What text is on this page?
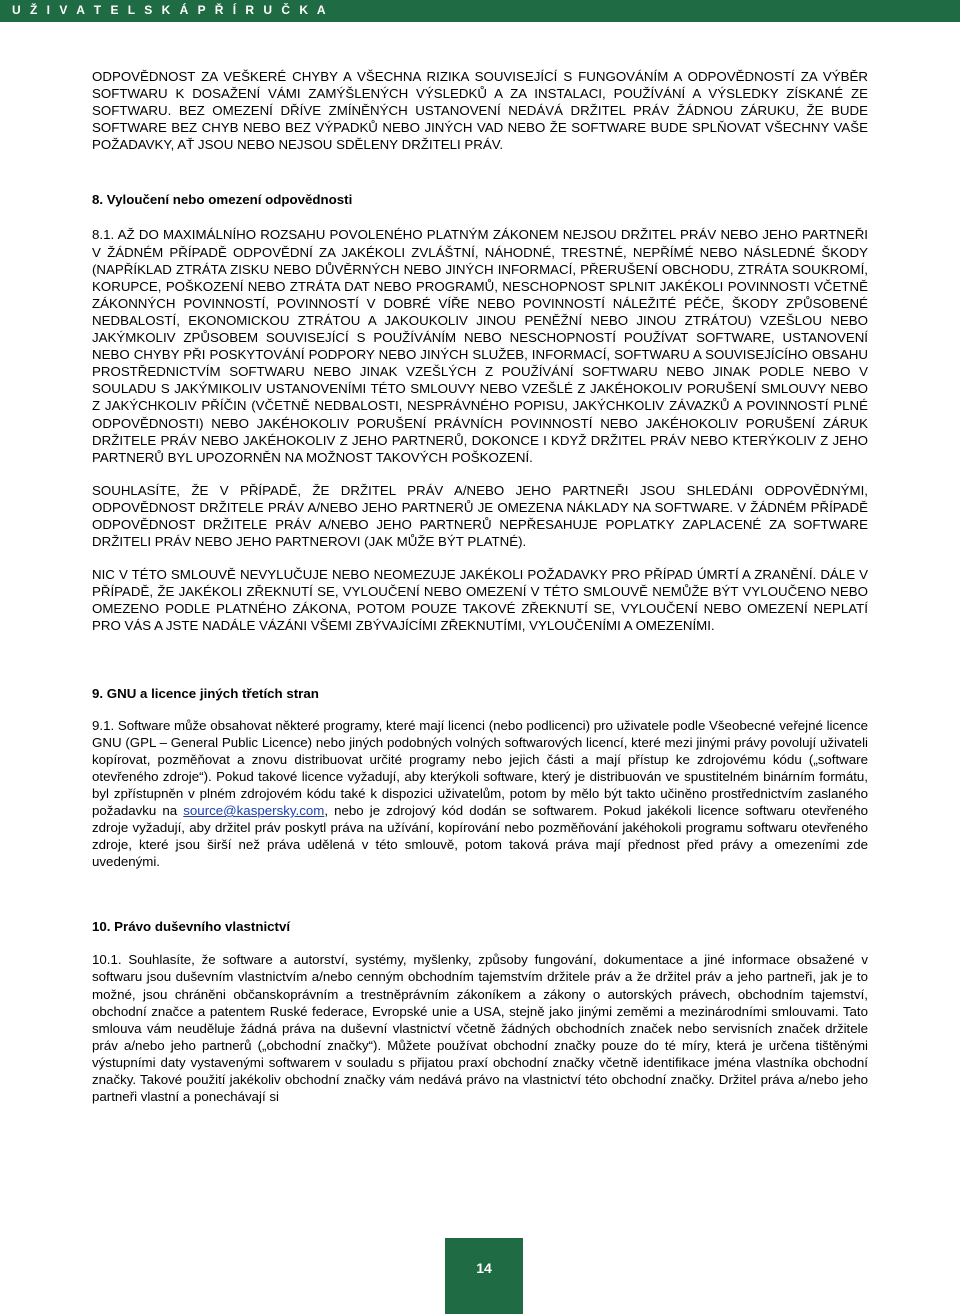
U Ž I V A T E L S K Á P Ř Í R U Č K A

ODPOVĚDNOST ZA VEŠKERÉ CHYBY A VŠECHNA RIZIKA SOUVISEJÍCÍ S FUNGOVÁNÍM A ODPOVĚDNOSTÍ ZA VÝBĚR SOFTWARU K DOSAŽENÍ VÁMI ZAMÝŠLENÝCH VÝSLEDKŮ A ZA INSTALACI, POUŽÍVÁNÍ A VÝSLEDKY ZÍSKANÉ ZE SOFTWARU. BEZ OMEZENÍ DŘÍVE ZMÍNĚNÝCH USTANOVENÍ NEDÁVÁ DRŽITEL PRÁV ŽÁDNOU ZÁRUKU, ŽE BUDE SOFTWARE BEZ CHYB NEBO BEZ VÝPADKŮ NEBO JINÝCH VAD NEBO ŽE SOFTWARE BUDE SPLŇOVAT VŠECHNY VAŠE POŽADAVKY, AŤ JSOU NEBO NEJSOU SDĚLENY DRŽITELI PRÁV.

8. Vyloučení nebo omezení odpovědnosti

8.1. AŽ DO MAXIMÁLNÍHO ROZSAHU POVOLENÉHO PLATNÝM ZÁKONEM NEJSOU DRŽITEL PRÁV NEBO JEHO PARTNEŘI V ŽÁDNÉM PŘÍPADĚ ODPOVĚDNÍ ZA JAKÉKOLI ZVLÁŠTNÍ, NÁHODNÉ, TRESTNÉ, NEPŘÍMÉ NEBO NÁSLEDNÉ ŠKODY (NAPŘÍKLAD ZTRÁTA ZISKU NEBO DŮVĚRNÝCH NEBO JINÝCH INFORMACÍ, PŘERUŠENÍ OBCHODU, ZTRÁTA SOUKROMÍ, KORUPCE, POŠKOZENÍ NEBO ZTRÁTA DAT NEBO PROGRAMŮ, NESCHOPNOST SPLNIT JAKÉKOLI POVINNOSTI VČETNĚ ZÁKONNÝCH POVINNOSTÍ, POVINNOSTÍ V DOBRÉ VÍŘE NEBO POVINNOSTÍ NÁLEŽITÉ PÉČE, ŠKODY ZPŮSOBENÉ NEDBALOSTÍ, EKONOMICKOU ZTRÁTOU A JAKOUKOLIV JINOU PENĚŽNÍ NEBO JINOU ZTRÁTOU) VZEŠLOU NEBO JAKÝMKOLIV ZPŮSOBEM SOUVISEJÍCÍ S POUŽÍVÁNÍM NEBO NESCHOPNOSTÍ POUŽÍVAT SOFTWARE, USTANOVENÍ NEBO CHYBY PŘI POSKYTOVÁNÍ PODPORY NEBO JINÝCH SLUŽEB, INFORMACÍ, SOFTWARU A SOUVISEJÍCÍHO OBSAHU PROSTŘEDNICTVÍM SOFTWARU NEBO JINAK VZEŠLÝCH Z POUŽÍVÁNÍ SOFTWARU NEBO JINAK PODLE NEBO V SOULADU S JAKÝMIKOLIV USTANOVENÍMI TÉTO SMLOUVY NEBO VZEŠLÉ Z JAKÉHOKOLIV PORUŠENÍ SMLOUVY NEBO Z JAKÝCHKOLIV PŘÍČIN (VČETNĚ NEDBALOSTI, NESPRÁVNÉHO POPISU, JAKÝCHKOLIV ZÁVAZKŮ A POVINNOSTÍ PLNÉ ODPOVĚDNOSTI) NEBO JAKÉHOKOLIV PORUŠENÍ PRÁVNÍCH POVINNOSTÍ NEBO JAKÉHOKOLIV PORUŠENÍ ZÁRUK DRŽITELE PRÁV NEBO JAKÉHOKOLIV Z JEHO PARTNERŮ, DOKONCE I KDYŽ DRŽITEL PRÁV NEBO KTERÝKOLIV Z JEHO PARTNERŮ BYL UPOZORNĚN NA MOŽNOST TAKOVÝCH POŠKOZENÍ.

SOUHLASÍTE, ŽE V PŘÍPADĚ, ŽE DRŽITEL PRÁV A/NEBO JEHO PARTNEŘI JSOU SHLEDÁNI ODPOVĚDNÝMI, ODPOVĚDNOST DRŽITELE PRÁV A/NEBO JEHO PARTNERŮ JE OMEZENA NÁKLADY NA SOFTWARE. V ŽÁDNÉM PŘÍPADĚ ODPOVĚDNOST DRŽITELE PRÁV A/NEBO JEHO PARTNERŮ NEPŘESAHUJE POPLATKY ZAPLACENÉ ZA SOFTWARE DRŽITELI PRÁV NEBO JEHO PARTNEROVI (JAK MŮŽE BÝT PLATNÉ).

NIC V TÉTO SMLOUVĚ NEVYLUČUJE NEBO NEOMEZUJE JAKÉKOLI POŽADAVKY PRO PŘÍPAD ÚMRTÍ A ZRANĚNÍ. DÁLE V PŘÍPADĚ, ŽE JAKÉKOLI ZŘEKNUTÍ SE, VYLOUČENÍ NEBO OMEZENÍ V TÉTO SMLOUVĚ NEMŮŽE BÝT VYLOUČENO NEBO OMEZENO PODLE PLATNÉHO ZÁKONA, POTOM POUZE TAKOVÉ ZŘEKNUTÍ SE, VYLOUČENÍ NEBO OMEZENÍ NEPLATÍ PRO VÁS A JSTE NADÁLE VÁZÁNI VŠEMI ZBÝVAJÍCÍMI ZŘEKNUTÍMI, VYLOUČENÍMI A OMEZENÍMI.

9. GNU a licence jiných třetích stran

9.1. Software může obsahovat některé programy, které mají licenci (nebo podlicenci) pro uživatele podle Všeobecné veřejné licence GNU (GPL – General Public Licence) nebo jiných podobných volných softwarových licencí, které mezi jinými právy povolují uživateli kopírovat, pozměňovat a znovu distribuovat určité programy nebo jejich části a mají přístup ke zdrojovému kódu („software otevřeného zdroje“). Pokud takové licence vyžadují, aby kterýkoli software, který je distribuován ve spustitelném binárním formátu, byl zpřístupněn v plném zdrojovém kódu také k dispozici uživatelům, potom by mělo být takto učiněno prostřednictvím zaslaného požadavku na source@kaspersky.com, nebo je zdrojový kód dodán se softwarem. Pokud jakékoli licence softwaru otevřeného zdroje vyžadují, aby držitel práv poskytl práva na užívání, kopírování nebo pozměňování jakéhokoli programu softwaru otevřeného zdroje, které jsou širší než práva udělená v této smlouvě, potom taková práva mají přednost před právy a omezeními zde uvedenými.

10. Právo duševního vlastnictví

10.1. Souhlasíte, že software a autorství, systémy, myšlenky, způsoby fungování, dokumentace a jiné informace obsažené v softwaru jsou duševním vlastnictvím a/nebo cenným obchodním tajemstvím držitele práv a že držitel práv a jeho partneři, jak je to možné, jsou chráněni občanskoprávním a trestněprávním zákoníkem a zákony o autorských právech, obchodním tajemství, obchodní značce a patentem Ruské federace, Evropské unie a USA, stejně jako jinými zeměmi a mezinárodními smlouvami. Tato smlouva vám neuděluje žádná práva na duševní vlastnictví včetně žádných obchodních značek nebo servisních značek držitele práv a/nebo jeho partnerů („obchodní značky“). Můžete používat obchodní značky pouze do té míry, která je určena tištěnými výstupními daty vystavenými softwarem v souladu s přijatou praxí obchodní značky včetně identifikace jména vlastníka obchodní značky. Takové použití jakékoliv obchodní značky vám nedává právo na vlastnictví této obchodní značky. Držitel práva a/nebo jeho partneři vlastní a ponechávají si

14
